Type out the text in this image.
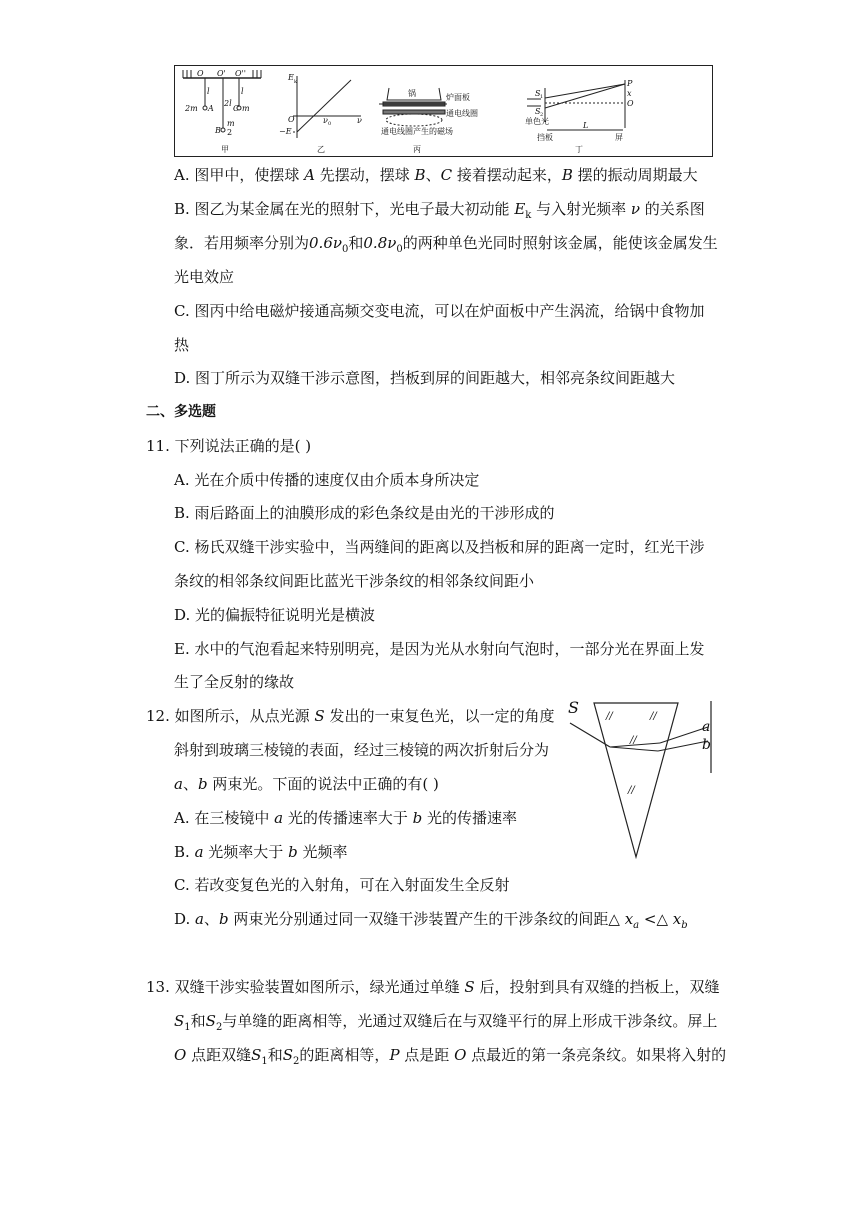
O O' O''
l
2m A
2l
C m
l
B
m
2
甲
E k
O
−E
ν 0	ν
乙
锅	炉面板
通电线圈
通电线圈产生的磁场
丙
S 1
S 2
P
x
O
单色光	L
挡板	屏
丁
A. 图甲中，使摆球 A 先摆动，摆球 B、C 接着摆动起来，B 摆的振动周期最大
B. 图乙为某金属在光的照射下，光电子最大初动能 $E_k$ 与入射光频率 ν 的关系图
象．若用频率分别为$0.6\nu_0$和$0.8\nu_0$的两种单色光同时照射该金属，能使该金属发生
光电效应
C. 图丙中给电磁炉接通高频交变电流，可以在炉面板中产生涡流，给锅中食物加
热
D. 图丁所示为双缝干涉示意图，挡板到屏的间距越大，相邻亮条纹间距越大
二、多选题
11. 下列说法正确的是( )
A. 光在介质中传播的速度仅由介质本身所决定
B. 雨后路面上的油膜形成的彩色条纹是由光的干涉形成的
C. 杨氏双缝干涉实验中，当两缝间的距离以及挡板和屏的距离一定时，红光干涉
条纹的相邻条纹间距比蓝光干涉条纹的相邻条纹间距小
D. 光的偏振特征说明光是横波
E. 水中的气泡看起来特别明亮，是因为光从水射向气泡时，一部分光在界面上发
生了全反射的缘故
12. 如图所示，从点光源 S 发出的一束复色光，以一定的角度
斜射到玻璃三棱镜的表面，经过三棱镜的两次折射后分为
a、b 两束光。下面的说法中正确的有( )
A. 在三棱镜中 a 光的传播速率大于 b 光的传播速率
B. a 光频率大于 b 光频率
C. 若改变复色光的入射角，可在入射面发生全反射
D. a、b 两束光分别通过同一双缝干涉装置产生的干涉条纹的间距△ $x_a$ <△ $x_b$
S
a
b
//	//
//
//
13. 双缝干涉实验装置如图所示，绿光通过单缝 S 后，投射到具有双缝的挡板上，双缝
$S_1$和$S_2$与单缝的距离相等，光通过双缝后在与双缝平行的屏上形成干涉条纹。屏上
O 点距双缝$S_1$和$S_2$的距离相等，P 点是距 O 点最近的第一条亮条纹。如果将入射的
